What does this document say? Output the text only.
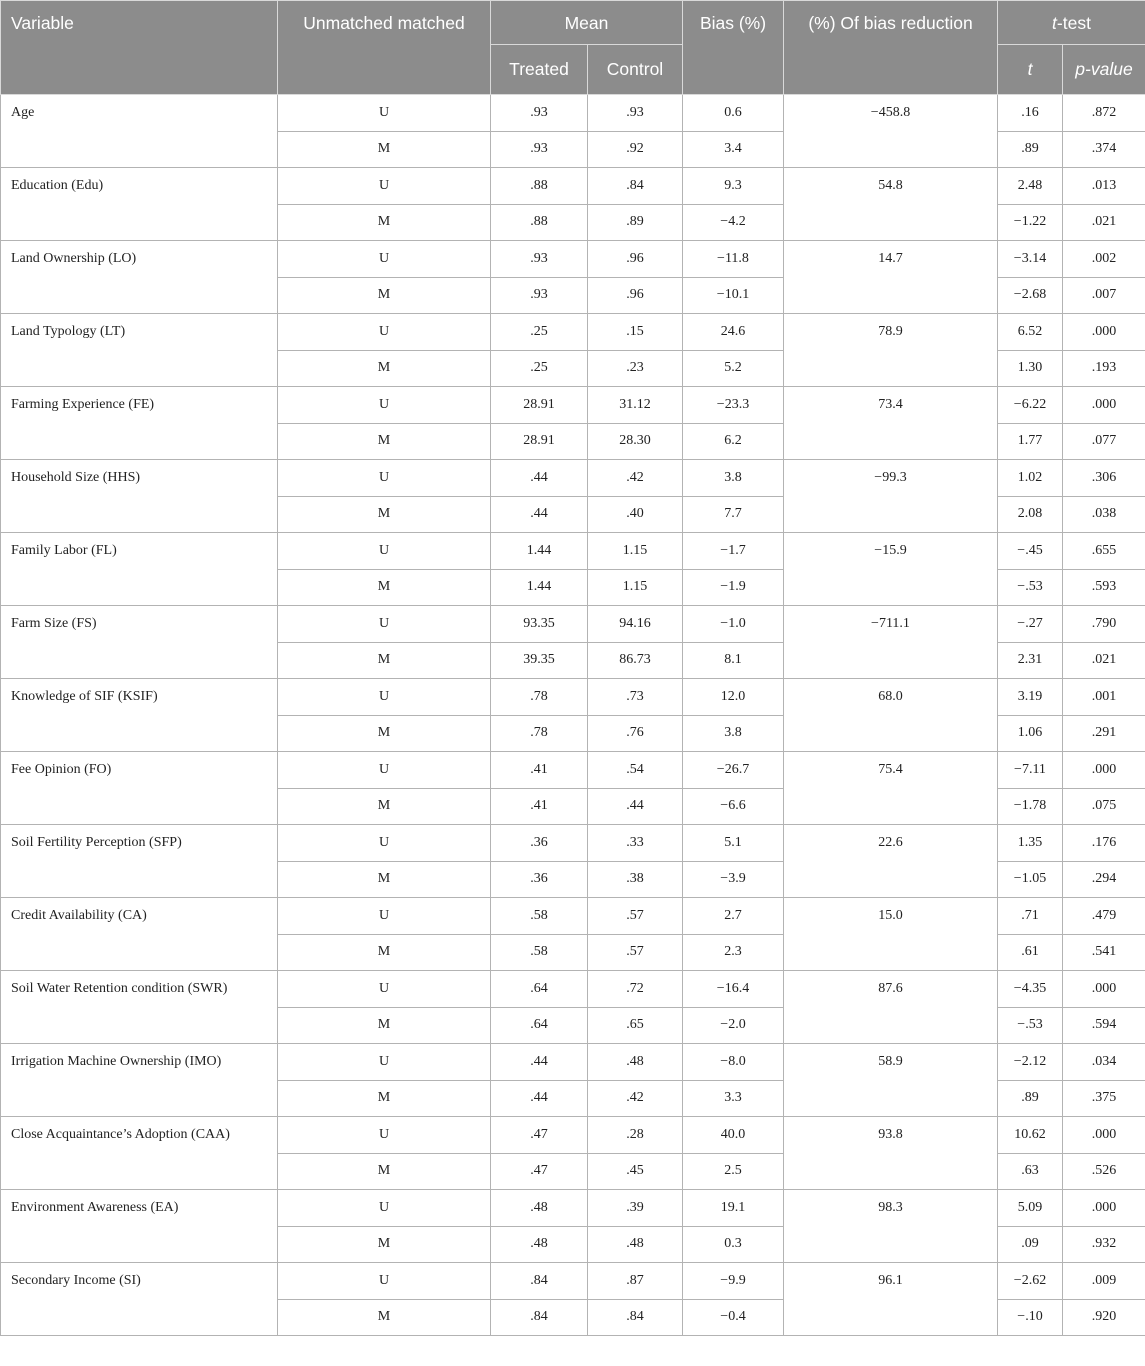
Variable	Unmatched matched	Mean		Bias (%)	(%) Of bias reduction	t-test	
		Treated	Control			t	p-value
Age	U	.93	.93	0.6	−458.8	.16	.872
	M	.93	.92	3.4		.89	.374
Education (Edu)	U	.88	.84	9.3	54.8	2.48	.013
	M	.88	.89	−4.2		−1.22	.021
Land Ownership (LO)	U	.93	.96	−11.8	14.7	−3.14	.002
	M	.93	.96	−10.1		−2.68	.007
Land Typology (LT)	U	.25	.15	24.6	78.9	6.52	.000
	M	.25	.23	5.2		1.30	.193
Farming Experience (FE)	U	28.91	31.12	−23.3	73.4	−6.22	.000
	M	28.91	28.30	6.2		1.77	.077
Household Size (HHS)	U	.44	.42	3.8	−99.3	1.02	.306
	M	.44	.40	7.7		2.08	.038
Family Labor (FL)	U	1.44	1.15	−1.7	−15.9	−.45	.655
	M	1.44	1.15	−1.9		−.53	.593
Farm Size (FS)	U	93.35	94.16	−1.0	−711.1	−.27	.790
	M	39.35	86.73	8.1		2.31	.021
Knowledge of SIF (KSIF)	U	.78	.73	12.0	68.0	3.19	.001
	M	.78	.76	3.8		1.06	.291
Fee Opinion (FO)	U	.41	.54	−26.7	75.4	−7.11	.000
	M	.41	.44	−6.6		−1.78	.075
Soil Fertility Perception (SFP)	U	.36	.33	5.1	22.6	1.35	.176
	M	.36	.38	−3.9		−1.05	.294
Credit Availability (CA)	U	.58	.57	2.7	15.0	.71	.479
	M	.58	.57	2.3		.61	.541
Soil Water Retention condition (SWR)	U	.64	.72	−16.4	87.6	−4.35	.000
	M	.64	.65	−2.0		−.53	.594
Irrigation Machine Ownership (IMO)	U	.44	.48	−8.0	58.9	−2.12	.034
	M	.44	.42	3.3		.89	.375
Close Acquaintance’s Adoption (CAA)	U	.47	.28	40.0	93.8	10.62	.000
	M	.47	.45	2.5		.63	.526
Environment Awareness (EA)	U	.48	.39	19.1	98.3	5.09	.000
	M	.48	.48	0.3		.09	.932
Secondary Income (SI)	U	.84	.87	−9.9	96.1	−2.62	.009
	M	.84	.84	−0.4		−.10	.920
